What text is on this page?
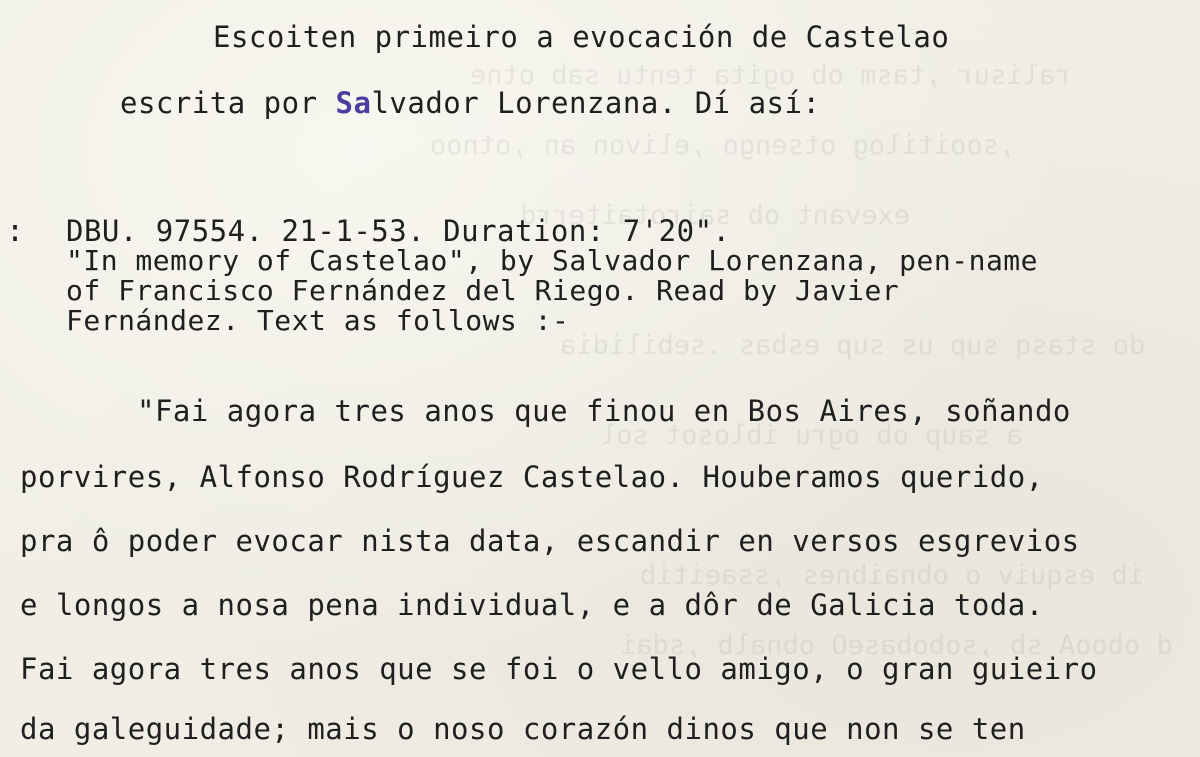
ralisur ,tasm ob ogita tentu sab otne
,sooitilog otsengo ,elivon an ,otnoo
exevant ob sairotaiterrd
do stasq sup us sup esbas .sebilidia
a saup ob ogru iblosot sol
ib esquiv o obnaibnes ,ssaeitib
d obooA sb ,sobobaseO obnalb ,sdai
Escoiten primeiro a evocación de Castelao
escrita por Salvador Lorenzana. Dí así:
: DBU. 97554. 21-1-53. Duration: 7'20".
"In memory of Castelao", by Salvador Lorenzana, pen-name
of Francisco Fernández del Riego. Read by Javier
Fernández. Text as follows :-
"Fai agora tres anos que finou en Bos Aires, soñando
porvires, Alfonso Rodríguez Castelao. Houberamos querido,
pra ô poder evocar nista data, escandir en versos esgrevios
e longos a nosa pena individual, e a dôr de Galicia toda.
Fai agora tres anos que se foi o vello amigo, o gran guieiro
da galeguidade; mais o noso corazón dinos que non se ten
